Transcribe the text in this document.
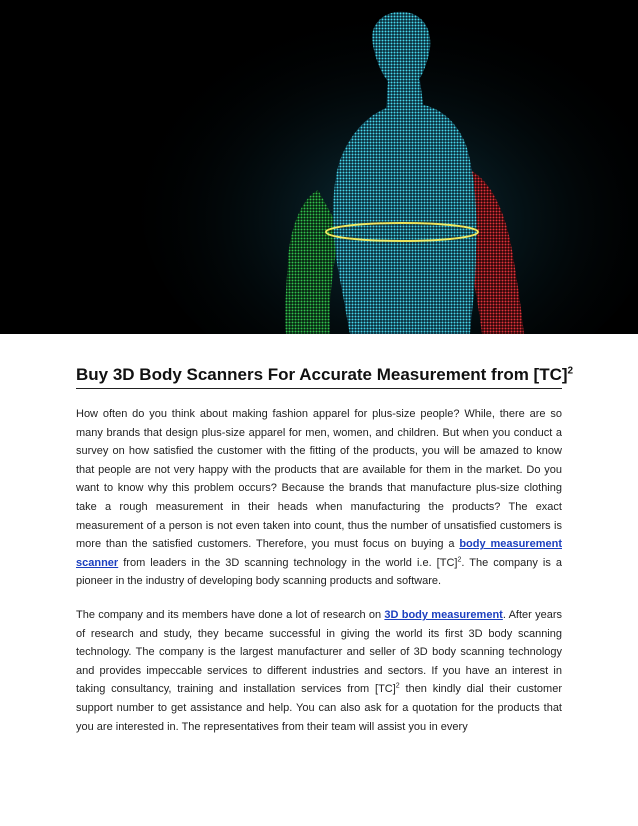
Buy 3D Body Scanners For Accurate Measurement from [TC]$^2$
How often do you think about making fashion apparel for plus-size people? While, there are so many brands that design plus-size apparel for men, women, and children. But when you conduct a survey on how satisfied the customer with the fitting of the products, you will be amazed to know that people are not very happy with the products that are available for them in the market. Do you want to know why this problem occurs? Because the brands that manufacture plus-size clothing take a rough measurement in their heads when manufacturing the products? The exact measurement of a person is not even taken into count, thus the number of unsatisfied customers is more than the satisfied customers. Therefore, you must focus on buying a body measurement scanner from leaders in the 3D scanning technology in the world i.e. [TC]$^2$. The company is a pioneer in the industry of developing body scanning products and software.
The company and its members have done a lot of research on 3D body measurement. After years of research and study, they became successful in giving the world its first 3D body scanning technology. The company is the largest manufacturer and seller of 3D body scanning technology and provides impeccable services to different industries and sectors. If you have an interest in taking consultancy, training and installation services from [TC]$^2$ then kindly dial their customer support number to get assistance and help. You can also ask for a quotation for the products that you are interested in. The representatives from their team will assist you in every
